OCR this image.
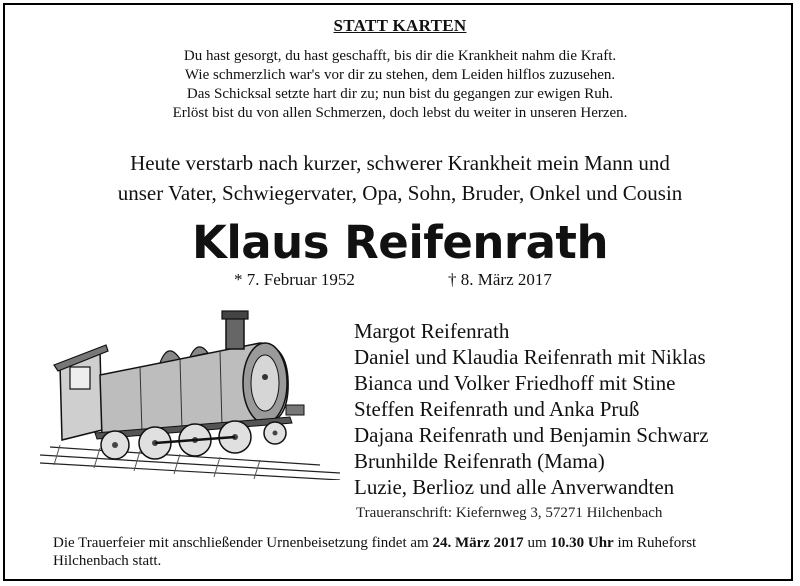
STATT KARTEN
Du hast gesorgt, du hast geschafft, bis dir die Krankheit nahm die Kraft.
Wie schmerzlich war's vor dir zu stehen, dem Leiden hilflos zuzusehen.
Das Schicksal setzte hart dir zu; nun bist du gegangen zur ewigen Ruh.
Erlöst bist du von allen Schmerzen, doch lebst du weiter in unseren Herzen.
Heute verstarb nach kurzer, schwerer Krankheit mein Mann und
unser Vater, Schwiegervater, Opa, Sohn, Bruder, Onkel und Cousin
Klaus Reifenrath
* 7. Februar 1952	† 8. März 2017
Margot Reifenrath
Daniel und Klaudia Reifenrath mit Niklas
Bianca und Volker Friedhoff mit Stine
Steffen Reifenrath und Anka Pruß
Dajana Reifenrath und Benjamin Schwarz
Brunhilde Reifenrath (Mama)
Luzie, Berlioz und alle Anverwandten
Traueranschrift: Kiefernweg 3, 57271 Hilchenbach
Die Trauerfeier mit anschließender Urnenbeisetzung findet am 24. März 2017 um 10.30 Uhr im Ruheforst
Hilchenbach statt.
